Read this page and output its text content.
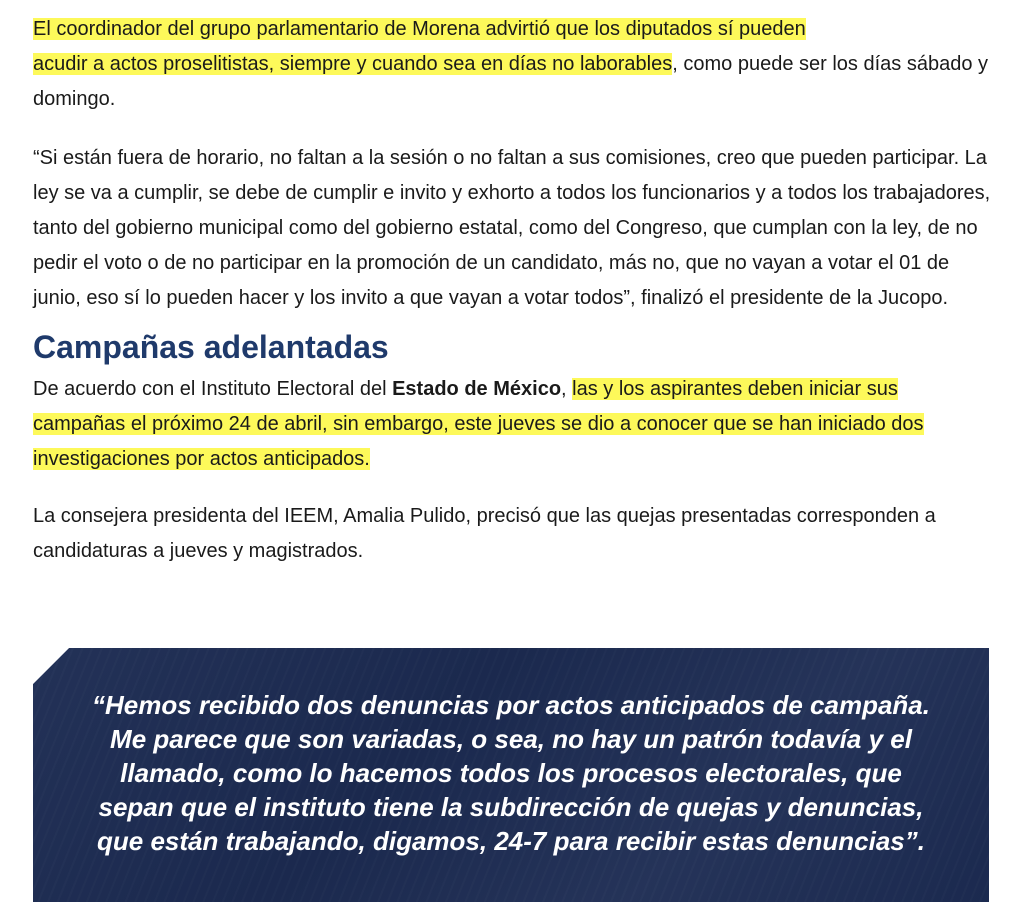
El coordinador del grupo parlamentario de Morena advirtió que los diputados sí pueden
acudir a actos proselitistas, siempre y cuando sea en días no laborables, como puede ser los días sábado y domingo.

“Si están fuera de horario, no faltan a la sesión o no faltan a sus comisiones, creo que pueden participar. La ley se va a cumplir, se debe de cumplir e invito y exhorto a todos los funcionarios y a todos los trabajadores, tanto del gobierno municipal como del gobierno estatal, como del Congreso, que cumplan con la ley, de no pedir el voto o de no participar en la promoción de un candidato, más no, que no vayan a votar el 01 de junio, eso sí lo pueden hacer y los invito a que vayan a votar todos”, finalizó el presidente de la Jucopo.

Campañas adelantadas

De acuerdo con el Instituto Electoral del Estado de México, las y los aspirantes deben iniciar sus campañas el próximo 24 de abril, sin embargo, este jueves se dio a conocer que se han iniciado dos investigaciones por actos anticipados.

La consejera presidenta del IEEM, Amalia Pulido, precisó que las quejas presentadas corresponden a candidaturas a jueves y magistrados.

“Hemos recibido dos denuncias por actos anticipados de campaña.
Me parece que son variadas, o sea, no hay un patrón todavía y el
llamado, como lo hacemos todos los procesos electorales, que
sepan que el instituto tiene la subdirección de quejas y denuncias,
que están trabajando, digamos, 24-7 para recibir estas denuncias”.
